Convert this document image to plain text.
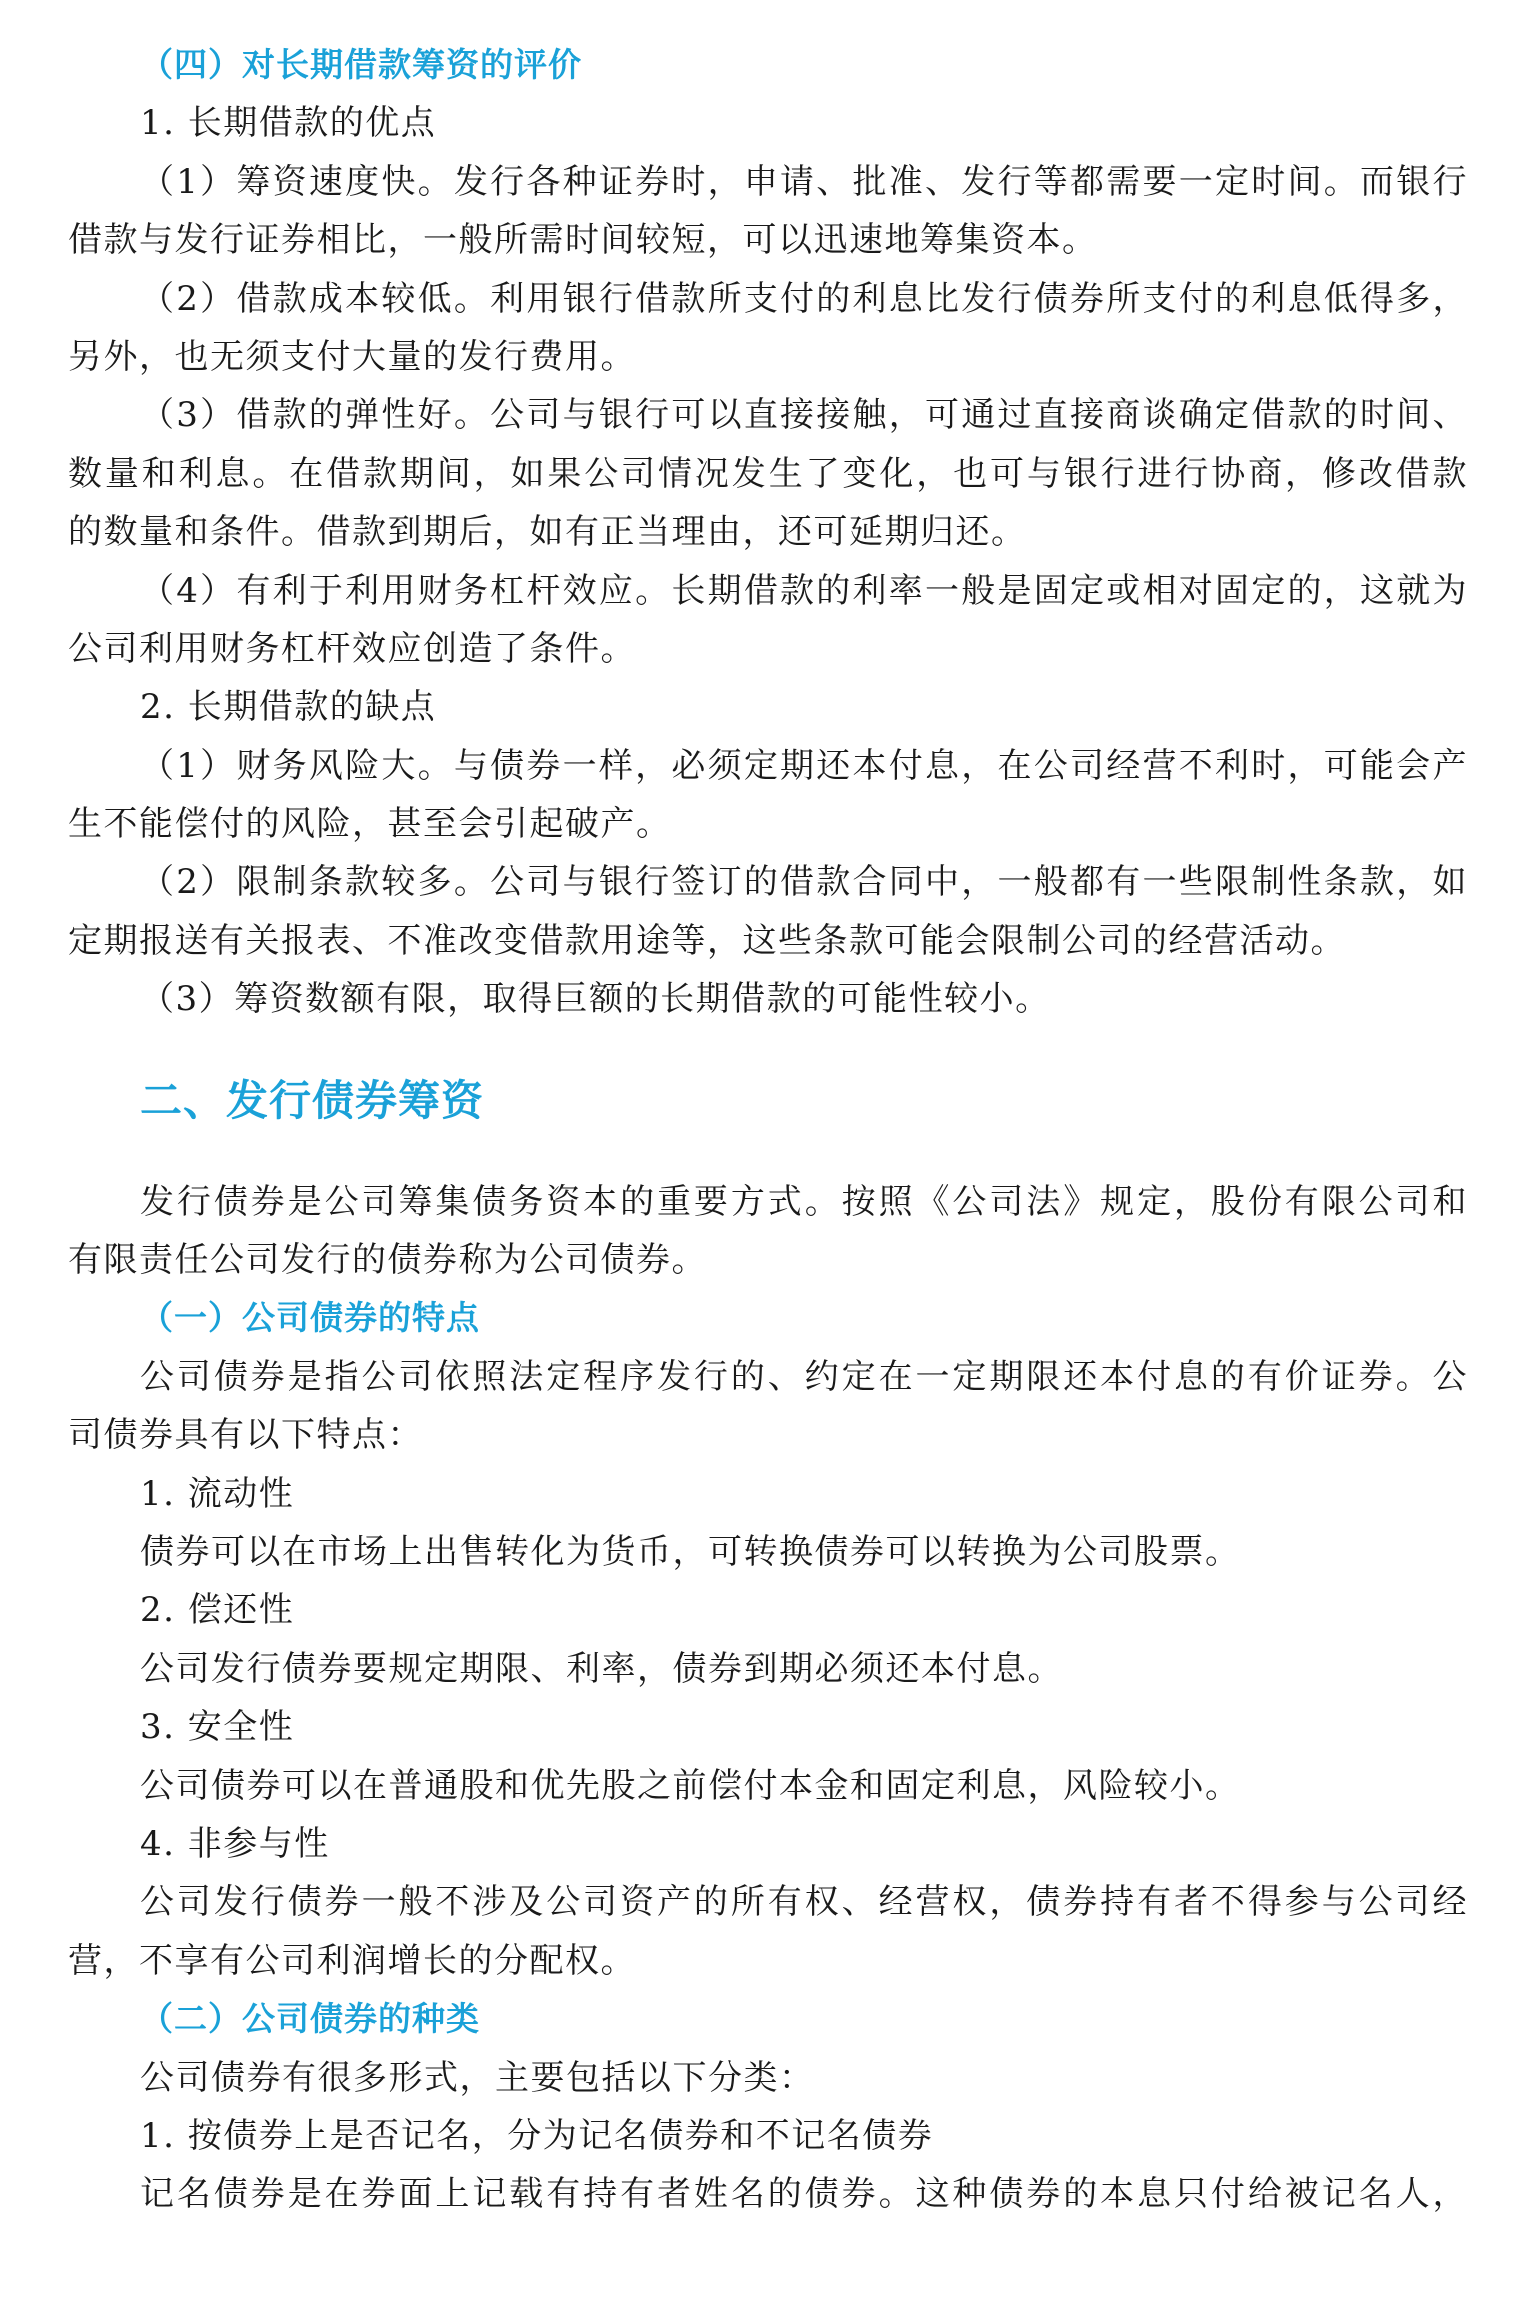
（四）对长期借款筹资的评价
1. 长期借款的优点
（1）筹资速度快。发行各种证券时，申请、批准、发行等都需要一定时间。而银行
借款与发行证券相比，一般所需时间较短，可以迅速地筹集资本。
（2）借款成本较低。利用银行借款所支付的利息比发行债券所支付的利息低得多，
另外，也无须支付大量的发行费用。
（3）借款的弹性好。公司与银行可以直接接触，可通过直接商谈确定借款的时间、
数量和利息。在借款期间，如果公司情况发生了变化，也可与银行进行协商，修改借款
的数量和条件。借款到期后，如有正当理由，还可延期归还。
（4）有利于利用财务杠杆效应。长期借款的利率一般是固定或相对固定的，这就为
公司利用财务杠杆效应创造了条件。
2. 长期借款的缺点
（1）财务风险大。与债券一样，必须定期还本付息，在公司经营不利时，可能会产
生不能偿付的风险，甚至会引起破产。
（2）限制条款较多。公司与银行签订的借款合同中，一般都有一些限制性条款，如
定期报送有关报表、不准改变借款用途等，这些条款可能会限制公司的经营活动。
（3）筹资数额有限，取得巨额的长期借款的可能性较小。
二、发行债券筹资
发行债券是公司筹集债务资本的重要方式。按照《公司法》规定，股份有限公司和
有限责任公司发行的债券称为公司债券。
（一）公司债券的特点
公司债券是指公司依照法定程序发行的、约定在一定期限还本付息的有价证券。公
司债券具有以下特点：
1. 流动性
债券可以在市场上出售转化为货币，可转换债券可以转换为公司股票。
2. 偿还性
公司发行债券要规定期限、利率，债券到期必须还本付息。
3. 安全性
公司债券可以在普通股和优先股之前偿付本金和固定利息，风险较小。
4. 非参与性
公司发行债券一般不涉及公司资产的所有权、经营权，债券持有者不得参与公司经
营，不享有公司利润增长的分配权。
（二）公司债券的种类
公司债券有很多形式，主要包括以下分类：
1. 按债券上是否记名，分为记名债券和不记名债券
记名债券是在券面上记载有持有者姓名的债券。这种债券的本息只付给被记名人，
